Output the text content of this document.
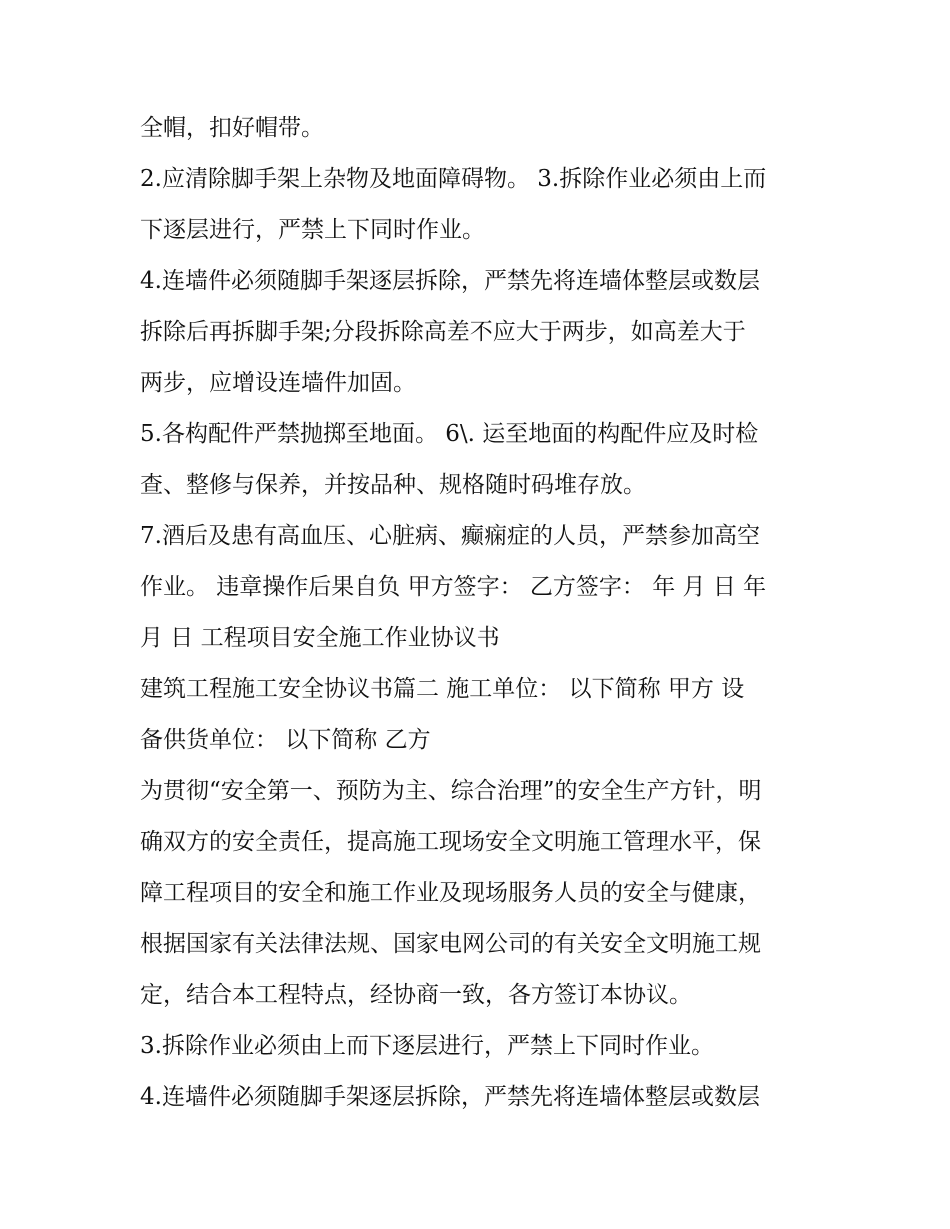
全帽，扣好帽带。
2.应清除脚手架上杂物及地面障碍物。 3.拆除作业必须由上而
下逐层进行，严禁上下同时作业。
4.连墙件必须随脚手架逐层拆除，严禁先将连墙体整层或数层
拆除后再拆脚手架;分段拆除高差不应大于两步，如高差大于
两步，应增设连墙件加固。
5.各构配件严禁抛掷至地面。 6\. 运至地面的构配件应及时检
查、整修与保养，并按品种、规格随时码堆存放。
7.酒后及患有高血压、心脏病、癫痫症的人员，严禁参加高空
作业。 违章操作后果自负 甲方签字： 乙方签字： 年 月 日 年
月 日 工程项目安全施工作业协议书
建筑工程施工安全协议书篇二 施工单位： 以下简称 甲方 设
备供货单位： 以下简称 乙方
为贯彻“安全第一、预防为主、综合治理”的安全生产方针，明
确双方的安全责任，提高施工现场安全文明施工管理水平，保
障工程项目的安全和施工作业及现场服务人员的安全与健康，
根据国家有关法律法规、国家电网公司的有关安全文明施工规
定，结合本工程特点，经协商一致，各方签订本协议。
3.拆除作业必须由上而下逐层进行，严禁上下同时作业。
4.连墙件必须随脚手架逐层拆除，严禁先将连墙体整层或数层
